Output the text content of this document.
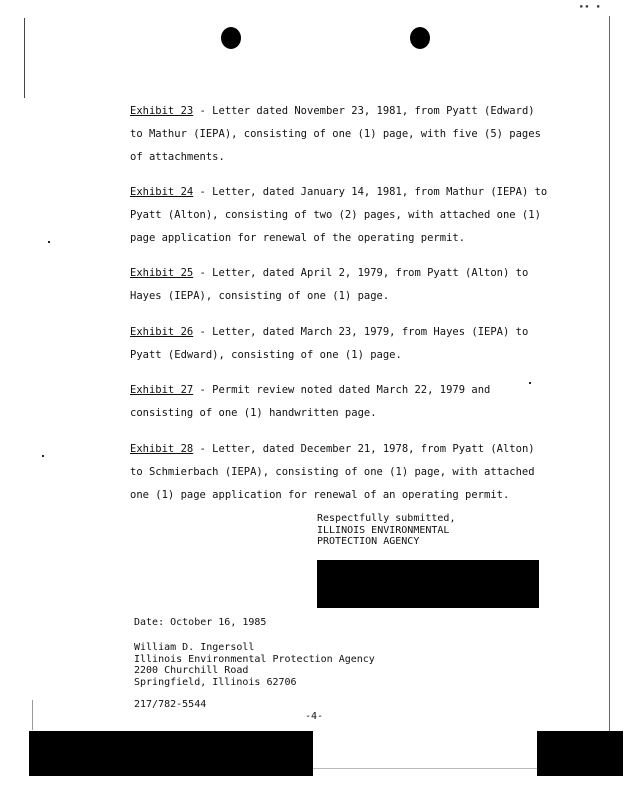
▪▪ ▪

Exhibit 23 - Letter dated November 23, 1981, from Pyatt (Edward)
to Mathur (IEPA), consisting of one (1) page, with five (5) pages
of attachments.

Exhibit 24 - Letter, dated January 14, 1981, from Mathur (IEPA) to
Pyatt (Alton), consisting of two (2) pages, with attached one (1)
page application for renewal of the operating permit.

Exhibit 25 - Letter, dated April 2, 1979, from Pyatt (Alton) to
Hayes (IEPA), consisting of one (1) page.

Exhibit 26 - Letter, dated March 23, 1979, from Hayes (IEPA) to
Pyatt (Edward), consisting of one (1) page.

Exhibit 27 - Permit review noted dated March 22, 1979 and
consisting of one (1) handwritten page.

Exhibit 28 - Letter, dated December 21, 1978, from Pyatt (Alton)
to Schmierbach (IEPA), consisting of one (1) page, with attached
one (1) page application for renewal of an operating permit.

Respectfully submitted,
ILLINOIS ENVIRONMENTAL
PROTECTION AGENCY
Date: October 16, 1985
William D. Ingersoll
Illinois Environmental Protection Agency
2200 Churchill Road
Springfield, Illinois 62706
217/782-5544
-4-
